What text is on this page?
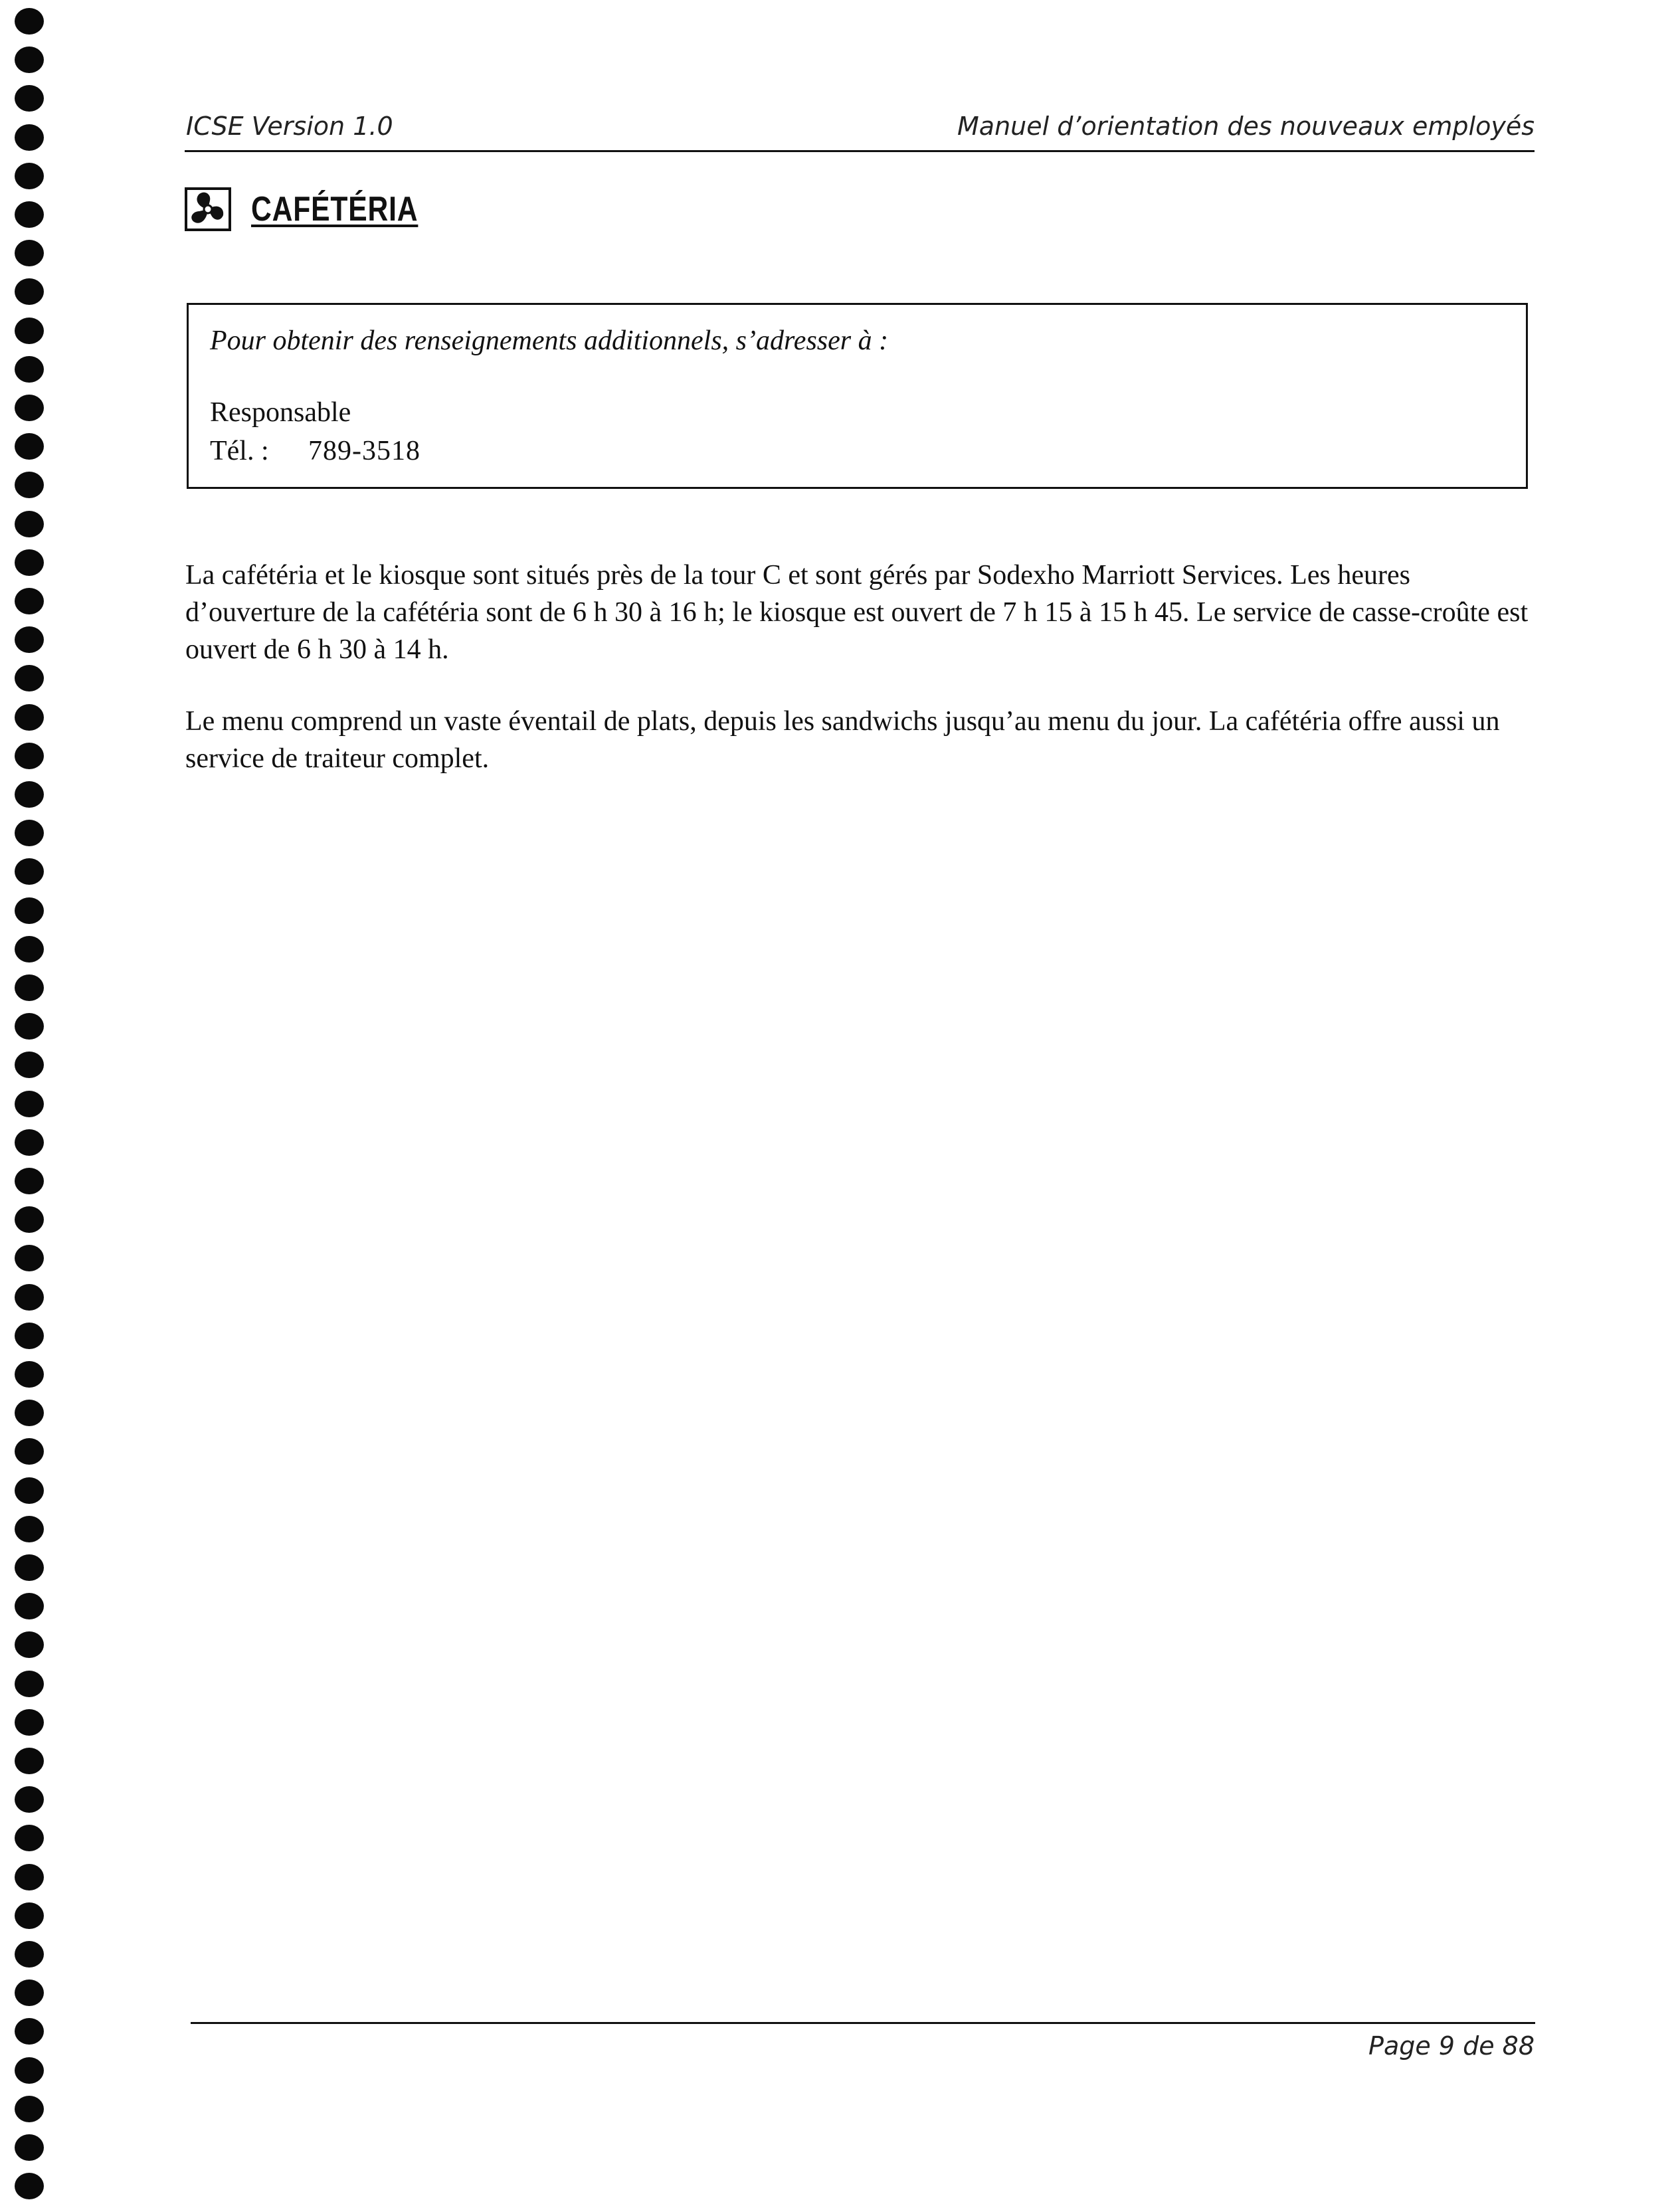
ICSE Version 1.0	Manuel d’orientation des nouveaux employés
CAFÉTÉRIA
Pour obtenir des renseignements additionnels, s’adresser à :
Responsable
Tél. :	789-3518
La cafétéria et le kiosque sont situés près de la tour C et sont gérés par Sodexho Marriott Services. Les heures d’ouverture de la cafétéria sont de 6 h 30 à 16 h; le kiosque est ouvert de 7 h 15 à 15 h 45. Le service de casse-croûte est ouvert de 6 h 30 à 14 h.
Le menu comprend un vaste éventail de plats, depuis les sandwichs jusqu’au menu du jour. La cafétéria offre aussi un service de traiteur complet.
Page 9 de 88
